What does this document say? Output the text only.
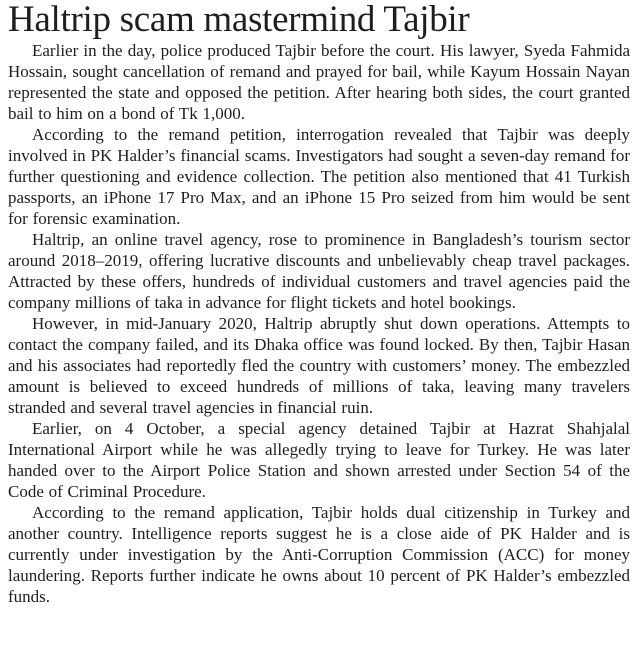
Haltrip scam mastermind Tajbir

Earlier in the day, police produced Tajbir before the court. His lawyer, Syeda Fahmida Hossain, sought cancellation of remand and prayed for bail, while Kayum Hossain Nayan represented the state and opposed the petition. After hearing both sides, the court granted bail to him on a bond of Tk 1,000.

According to the remand petition, interrogation revealed that Tajbir was deeply involved in PK Halder’s financial scams. Investigators had sought a seven-day remand for further questioning and evidence collection. The petition also mentioned that 41 Turkish passports, an iPhone 17 Pro Max, and an iPhone 15 Pro seized from him would be sent for forensic examination.

Haltrip, an online travel agency, rose to prominence in Bangladesh’s tourism sector around 2018–2019, offering lucrative discounts and unbelievably cheap travel packages. Attracted by these offers, hundreds of individual customers and travel agencies paid the company millions of taka in advance for flight tickets and hotel bookings.

However, in mid-January 2020, Haltrip abruptly shut down operations. Attempts to contact the company failed, and its Dhaka office was found locked. By then, Tajbir Hasan and his associates had reportedly fled the country with customers’ money. The embezzled amount is believed to exceed hundreds of millions of taka, leaving many travelers stranded and several travel agencies in financial ruin.

Earlier, on 4 October, a special agency detained Tajbir at Hazrat Shahjalal International Airport while he was allegedly trying to leave for Turkey. He was later handed over to the Airport Police Station and shown arrested under Section 54 of the Code of Criminal Procedure.

According to the remand application, Tajbir holds dual citizenship in Turkey and another country. Intelligence reports suggest he is a close aide of PK Halder and is currently under investigation by the Anti-Corruption Commission (ACC) for money laundering. Reports further indicate he owns about 10 percent of PK Halder’s embezzled funds.
